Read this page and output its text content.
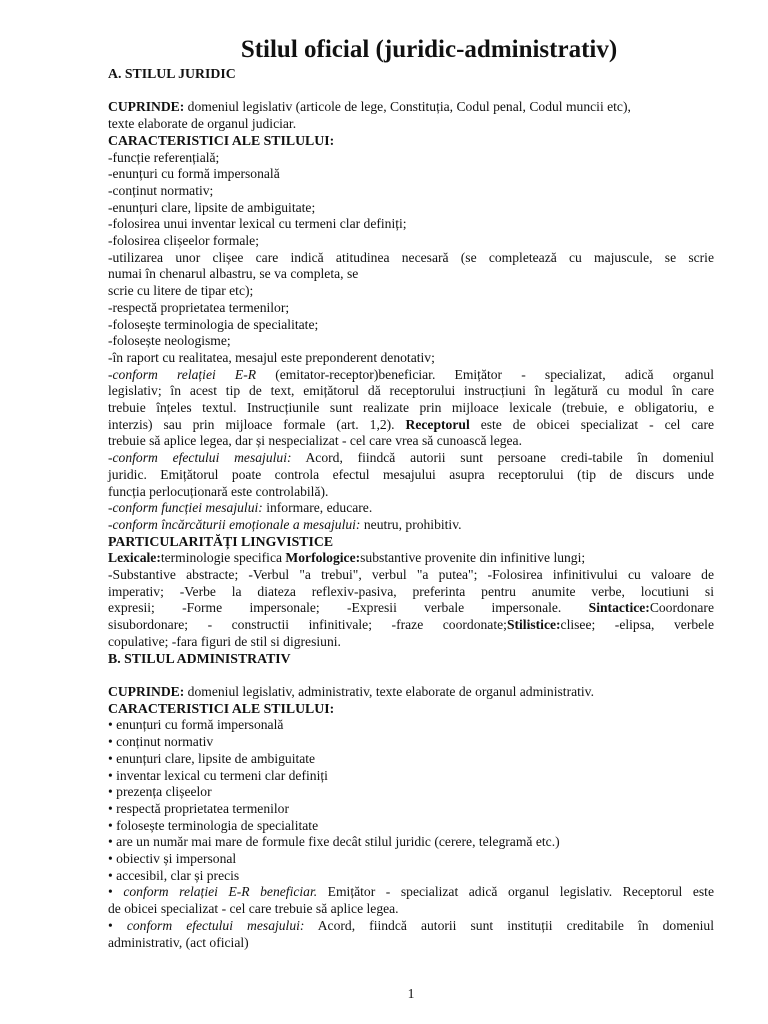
Stilul oficial (juridic-administrativ)
A. STILUL JURIDIC
CUPRINDE: domeniul legislativ (articole de lege, Constituția, Codul penal, Codul muncii etc),
texte elaborate de organul judiciar.
CARACTERISTICI ALE STILULUI:
-funcție referențială;
-enunțuri cu formă impersonală
-conținut normativ;
-enunțuri clare, lipsite de ambiguitate;
-folosirea unui inventar lexical cu termeni clar definiți;
-folosirea clișeelor formale;
-utilizarea unor clișee care indică atitudinea necesară (se completează cu majuscule, se scrie
numai în chenarul albastru, se va completa, se
scrie cu litere de tipar etc);
-respectă proprietatea termenilor;
-folosește terminologia de specialitate;
-folosește neologisme;
-în raport cu realitatea, mesajul este preponderent denotativ;
-conform relației E-R (emitator-receptor)beneficiar. Emițător - specializat, adică organul
legislativ; în acest tip de text, emițătorul dă receptorului instrucțiuni în legătură cu modul în care
trebuie înțeles textul. Instrucțiunile sunt realizate prin mijloace lexicale (trebuie, e obligatoriu, e
interzis) sau prin mijloace formale (art. 1,2). Receptorul este de obicei specializat - cel care
trebuie să aplice legea, dar și nespecializat - cel care vrea să cunoască legea.
-conform efectului mesajului: Acord, fiindcă autorii sunt persoane credi-tabile în domeniul
juridic. Emițătorul poate controla efectul mesajului asupra receptorului (tip de discurs unde
funcția perlocuționară este controlabilă).
-conform funcției mesajului: informare, educare.
-conform încărcăturii emoționale a mesajului: neutru, prohibitiv.
PARTICULARITĂȚI LINGVISTICE
Lexicale:terminologie specifica Morfologice:substantive provenite din infinitive lungi;
-Substantive abstracte; -Verbul "a trebui", verbul "a putea"; -Folosirea infinitivului cu valoare de
imperativ; -Verbe la diateza reflexiv-pasiva, preferinta pentru anumite verbe, locutiuni si
expresii; -Forme impersonale; -Expresii verbale impersonale. Sintactice:Coordonare
sisubordonare; - constructii infinitivale; -fraze coordonate;Stilistice:clisee; -elipsa, verbele
copulative; -fara figuri de stil si digresiuni.
B. STILUL ADMINISTRATIV
CUPRINDE: domeniul legislativ, administrativ, texte elaborate de organul administrativ.
CARACTERISTICI ALE STILULUI:
• enunțuri cu formă impersonală
• conținut normativ
• enunțuri clare, lipsite de ambiguitate
• inventar lexical cu termeni clar definiți
• prezența clișeelor
• respectă proprietatea termenilor
• folosește terminologia de specialitate
• are un număr mai mare de formule fixe decât stilul juridic (cerere, telegramă etc.)
• obiectiv și impersonal
• accesibil, clar și precis
• conform relației E-R beneficiar. Emițător - specializat adică organul legislativ. Receptorul este
de obicei specializat - cel care trebuie să aplice legea.
• conform efectului mesajului: Acord, fiindcă autorii sunt instituții creditabile în domeniul
administrativ, (act oficial)
1
